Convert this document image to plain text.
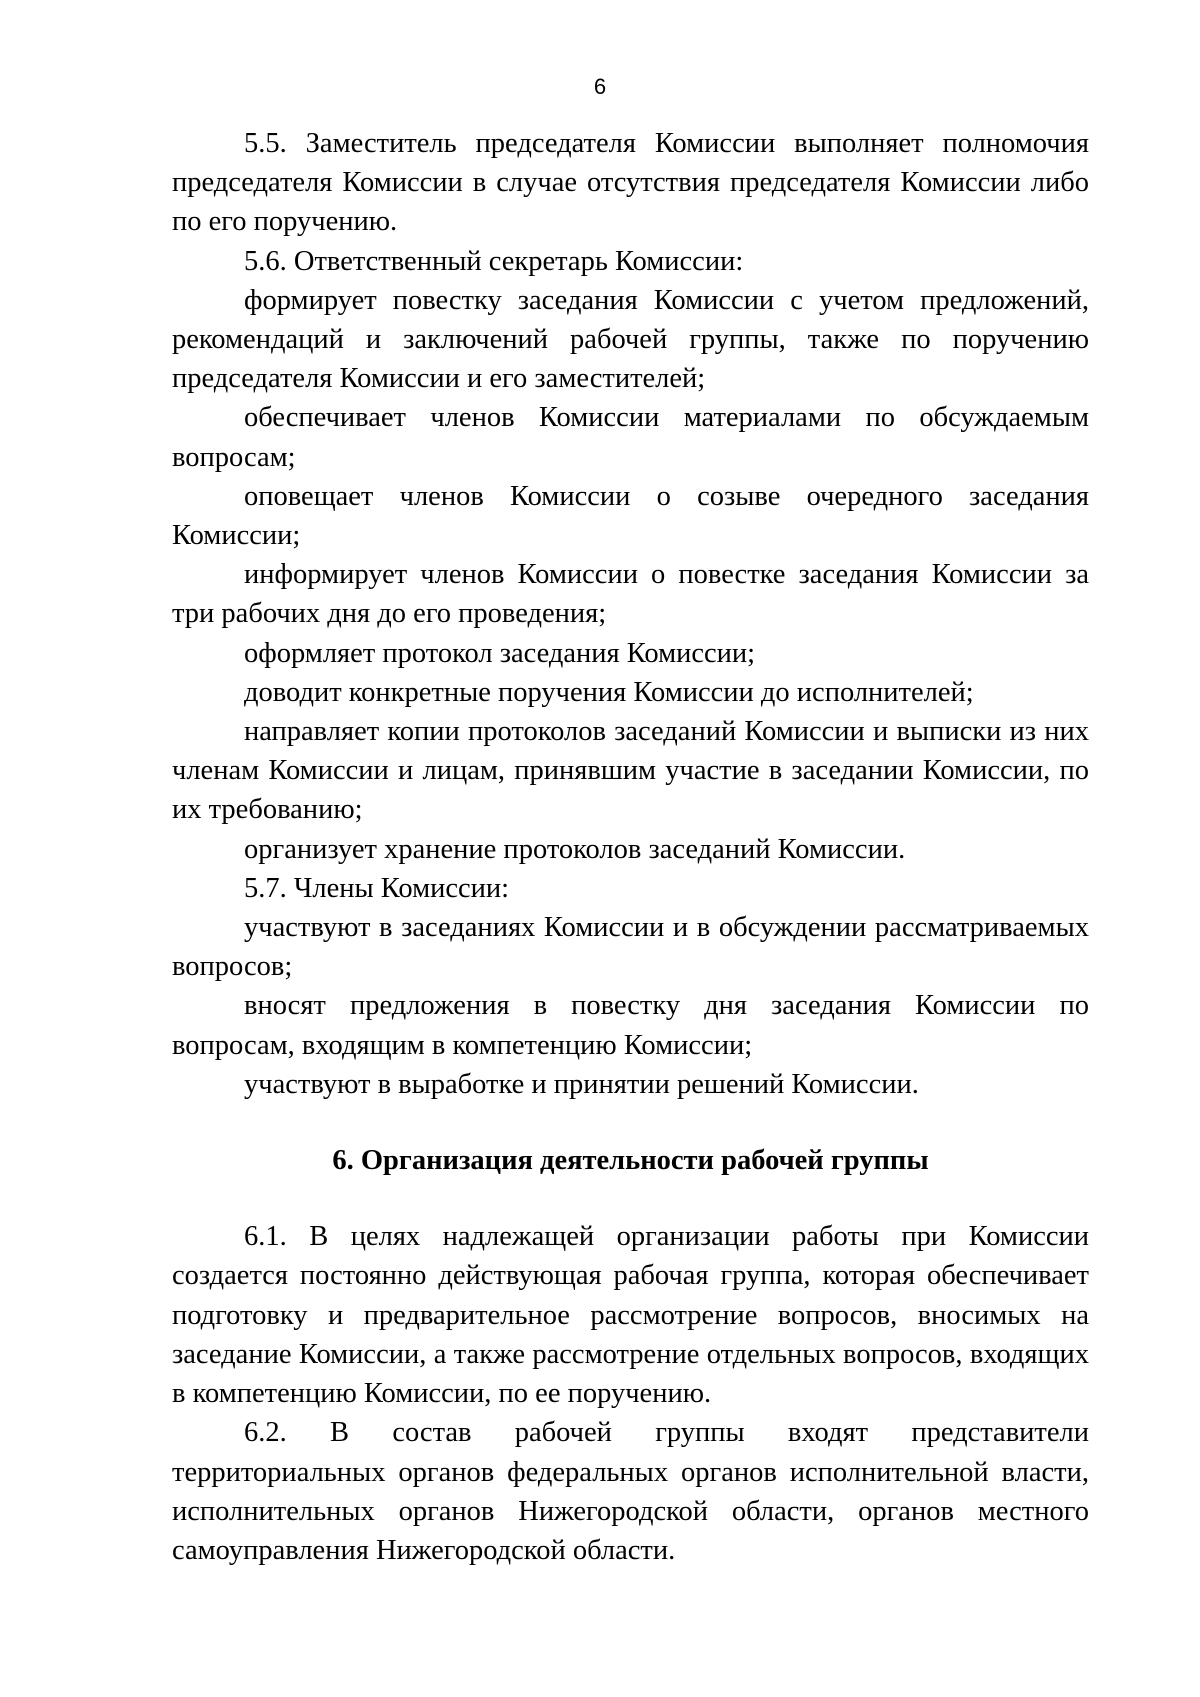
6

5.5. Заместитель председателя Комиссии выполняет полномочия председателя Комиссии в случае отсутствия председателя Комиссии либо по его поручению.

5.6. Ответственный секретарь Комиссии:

формирует повестку заседания Комиссии с учетом предложений, рекомендаций и заключений рабочей группы, также по поручению председателя Комиссии и его заместителей;

обеспечивает членов Комиссии материалами по обсуждаемым вопросам;

оповещает членов Комиссии о созыве очередного заседания Комиссии;

информирует членов Комиссии о повестке заседания Комиссии за три рабочих дня до его проведения;

оформляет протокол заседания Комиссии;

доводит конкретные поручения Комиссии до исполнителей;

направляет копии протоколов заседаний Комиссии и выписки из них членам Комиссии и лицам, принявшим участие в заседании Комиссии, по их требованию;

организует хранение протоколов заседаний Комиссии.

5.7. Члены Комиссии:

участвуют в заседаниях Комиссии и в обсуждении рассматриваемых вопросов;

вносят предложения в повестку дня заседания Комиссии по вопросам, входящим в компетенцию Комиссии;

участвуют в выработке и принятии решений Комиссии.

6. Организация деятельности рабочей группы

6.1. В целях надлежащей организации работы при Комиссии создается постоянно действующая рабочая группа, которая обеспечивает подготовку и предварительное рассмотрение вопросов, вносимых на заседание Комиссии, а также рассмотрение отдельных вопросов, входящих в компетенцию Комиссии, по ее поручению.

6.2. В состав рабочей группы входят представители территориальных органов федеральных органов исполнительной власти, исполнительных органов Нижегородской области, органов местного самоуправления Нижегородской области.
